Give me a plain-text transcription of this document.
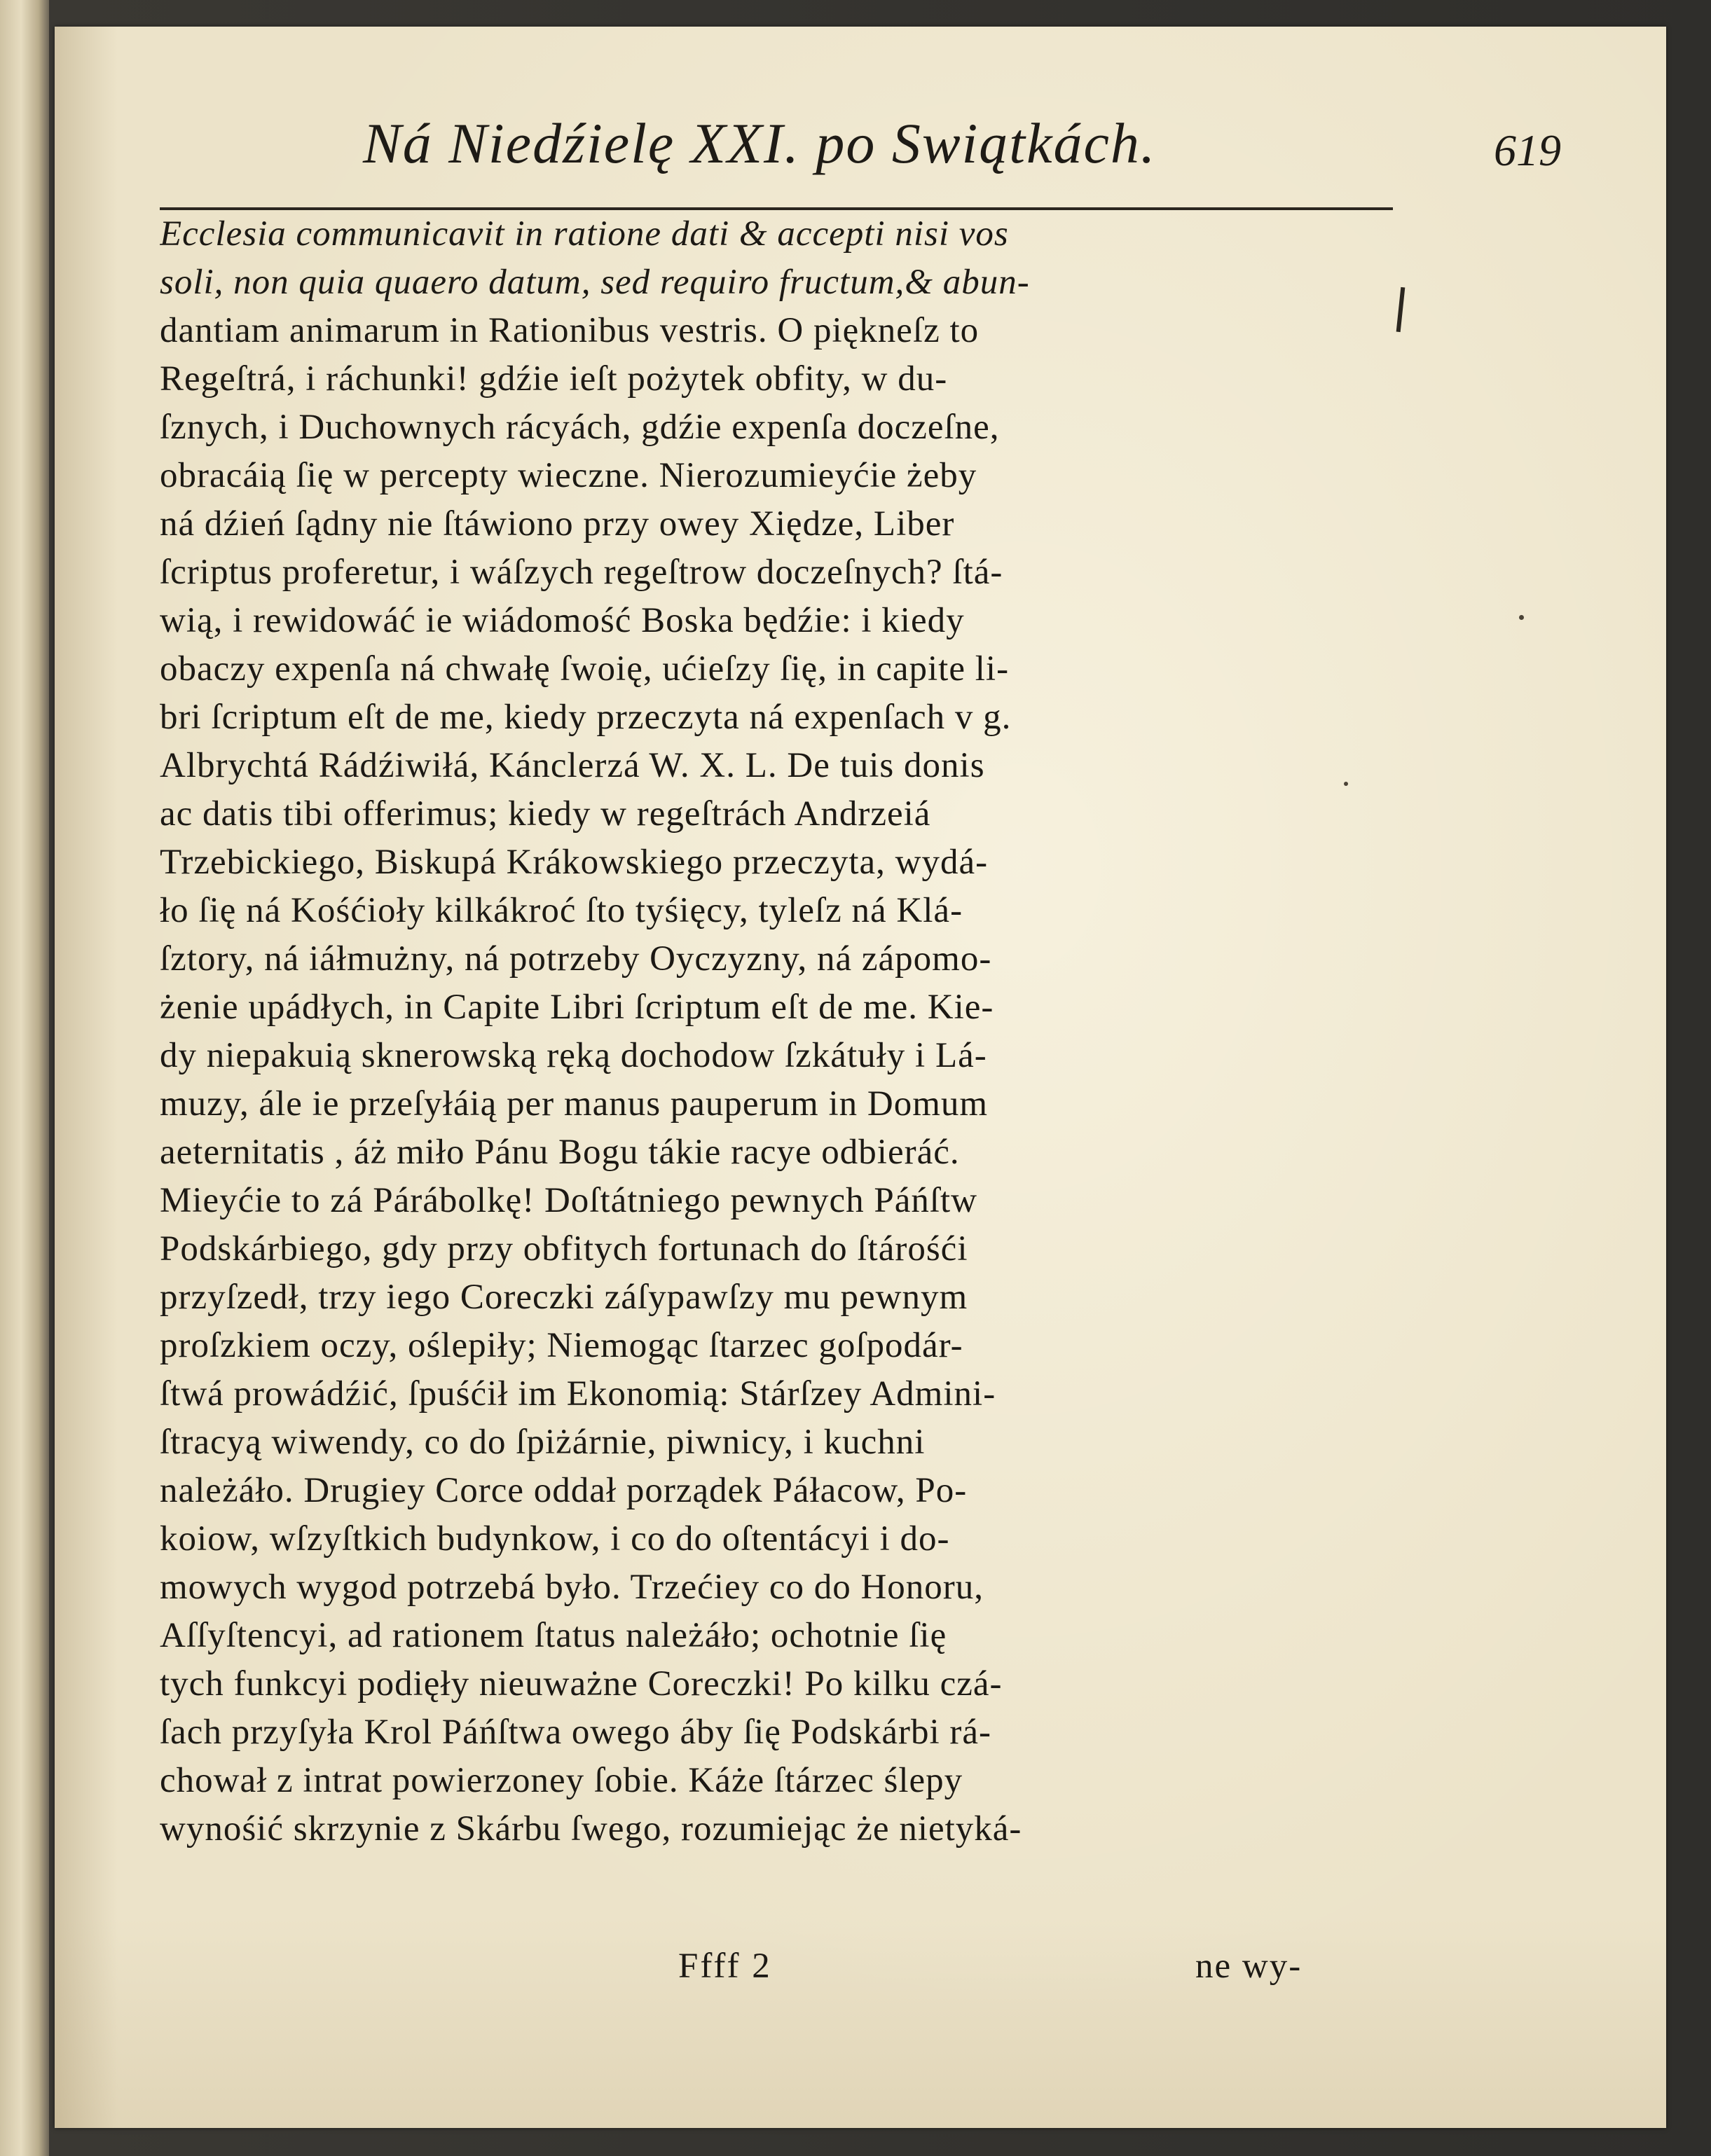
Ná Niedźielę XXI. po Swiątkách.	619
Ecclesia communicavit in ratione dati & accepti nisi vos
soli, non quia quaero datum, sed requiro fructum,& abun-
dantiam animarum in Rationibus vestris. O piękneſz to
Regeſtrá, i ráchunki! gdźie ieſt pożytek obfity, w du-
ſznych, i Duchownych rácyách, gdźie expenſa doczeſne,
obracáią ſię w percepty wieczne. Nierozumieyćie żeby
ná dźień ſądny nie ſtáwiono przy owey Xiędze, Liber
ſcriptus proferetur, i wáſzych regeſtrow doczeſnych? ſtá-
wią, i rewidowáć ie wiádomość Boska będźie: i kiedy
obaczy expenſa ná chwałę ſwoię, ućieſzy ſię, in capite li-
bri ſcriptum eſt de me, kiedy przeczyta ná expenſach v g.
Albrychtá Rádźiwiłá, Kánclerzá W. X. L. De tuis donis
ac datis tibi offerimus; kiedy w regeſtrách Andrzeiá
Trzebickiego, Biskupá Krákowskiego przeczyta, wydá-
ło ſię ná Kośćioły kilkákroć ſto tyśięcy, tyleſz ná Klá-
ſztory, ná iáłmużny, ná potrzeby Oyczyzny, ná zápomo-
żenie upádłych, in Capite Libri ſcriptum eſt de me. Kie-
dy niepakuią sknerowską ręką dochodow ſzkátuły i Lá-
muzy, ále ie przeſyłáią per manus pauperum in Domum
aeternitatis , áż miło Pánu Bogu tákie racye odbieráć.
Mieyćie to zá Párábolkę! Doſtátniego pewnych Páńſtw
Podskárbiego, gdy przy obfitych fortunach do ſtárośći
przyſzedł, trzy iego Coreczki záſypawſzy mu pewnym
proſzkiem oczy, oślepiły; Niemogąc ſtarzec goſpodár-
ſtwá prowádźić, ſpuśćił im Ekonomią: Stárſzey Admini-
ſtracyą wiwendy, co do ſpiżárnie, piwnicy, i kuchni
należáło. Drugiey Corce oddał porządek Páłacow, Po-
koiow, wſzyſtkich budynkow, i co do oſtentácyi i do-
mowych wygod potrzebá było. Trzećiey co do Honoru,
Aſſyſtencyi, ad rationem ſtatus należáło; ochotnie ſię
tych funkcyi podięły nieuważne Coreczki! Po kilku czá-
ſach przyſyła Krol Páńſtwa owego áby ſię Podskárbi rá-
chował z intrat powierzoney ſobie. Káże ſtárzec ślepy
wynośić skrzynie z Skárbu ſwego, rozumiejąc że nietyká-
Ffff 2	ne wy-
